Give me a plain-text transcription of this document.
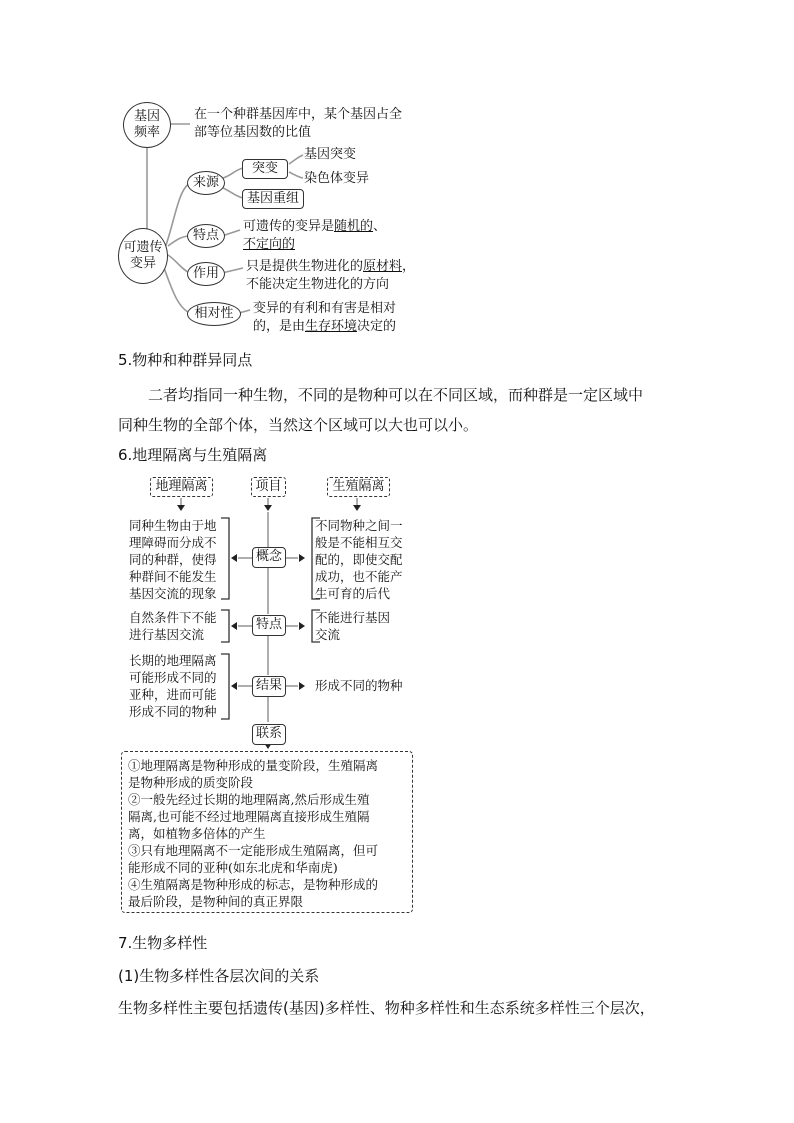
基因
频率
在一个种群基因库中，某个基因占全
部等位基因数的比值
可遗传
变异
来源
突变
基因突变
染色体变异
基因重组
特点
可遗传的变异是随机的、
不定向的
作用 只是提供生物进化的原材料，
不能决定生物进化的方向
相对性 变异的有利和有害是相对
的，是由生存环境决定的
5.物种和种群异同点
二者均指同一种生物，不同的是物种可以在不同区域，而种群是一定区域中
同种生物的全部个体，当然这个区域可以大也可以小。
6.地理隔离与生殖隔离
地理隔离	项目	生殖隔离
同种生物由于地
理障碍而分成不
同的种群，使得
种群间不能发生
基因交流的现象
概念
不同物种之间一
般是不能相互交
配的，即使交配
成功，也不能产
生可育的后代
自然条件下不能
进行基因交流
特点	不能进行基因
交流
长期的地理隔离
可能形成不同的
亚种，进而可能
形成不同的物种
结果	形成不同的物种
联系
①地理隔离是物种形成的量变阶段，生殖隔离
是物种形成的质变阶段
②一般先经过长期的地理隔离,然后形成生殖
隔离,也可能不经过地理隔离直接形成生殖隔
离，如植物多倍体的产生
③只有地理隔离不一定能形成生殖隔离，但可
能形成不同的亚种(如东北虎和华南虎)
④生殖隔离是物种形成的标志，是物种形成的
最后阶段，是物种间的真正界限
7.生物多样性
(1)生物多样性各层次间的关系
生物多样性主要包括遗传(基因)多样性、物种多样性和生态系统多样性三个层次，
